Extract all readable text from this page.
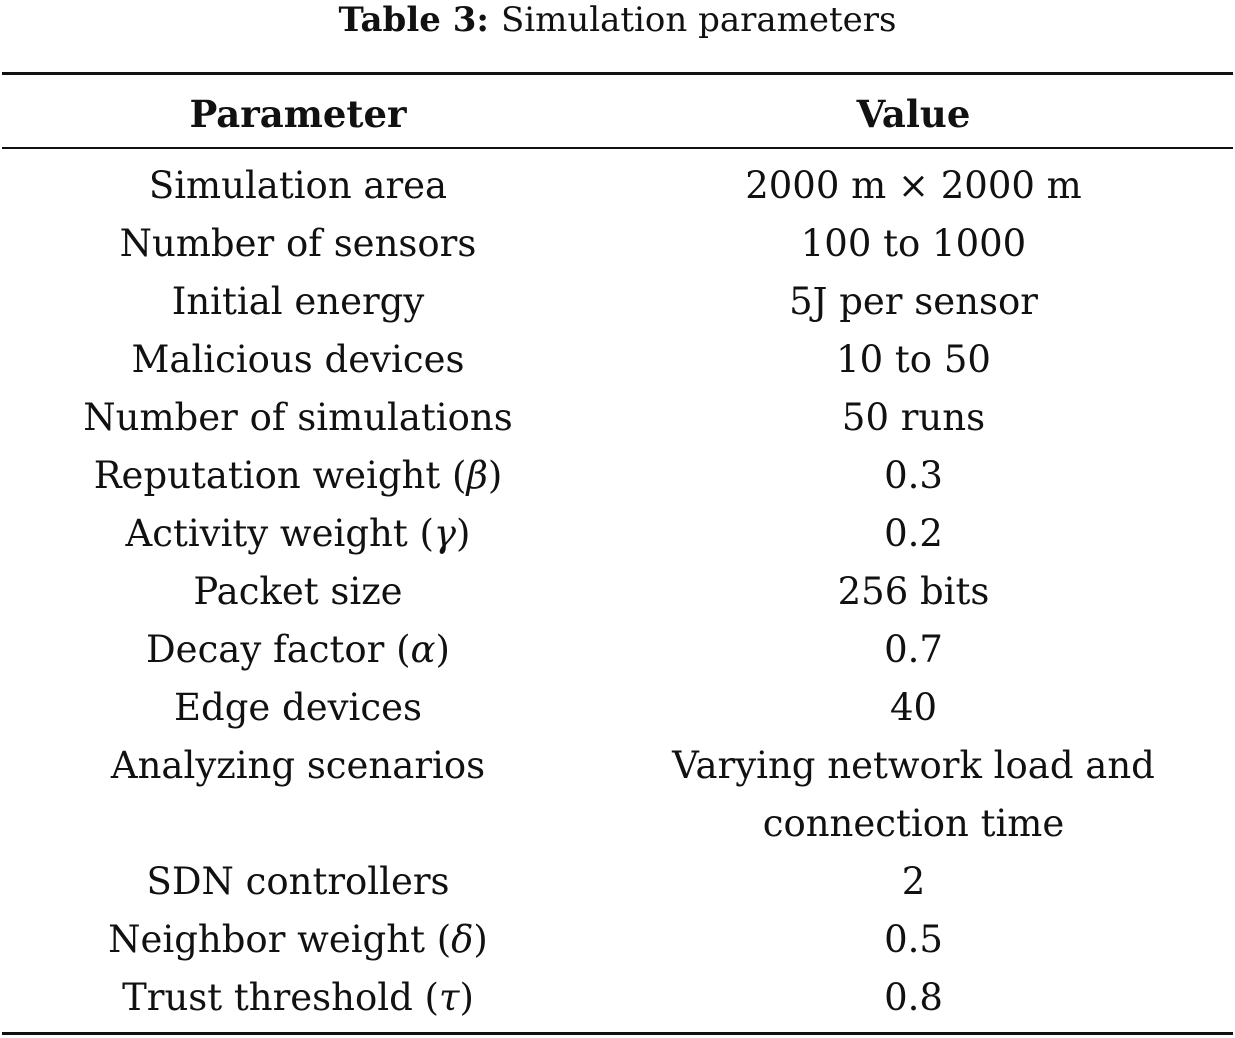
Table 3: Simulation parameters
Parameter	Value
Simulation area	2000 m × 2000 m
Number of sensors	100 to 1000
Initial energy	5J per sensor
Malicious devices	10 to 50
Number of simulations	50 runs
Reputation weight ( β )	0.3
Activity weight ( γ )	0.2
Packet size	256 bits
Decay factor ( α )	0.7
Edge devices	40
Analyzing scenarios	Varying network load and connection time
SDN controllers	2
Neighbor weight ( δ )	0.5
Trust threshold ( τ )	0.8
